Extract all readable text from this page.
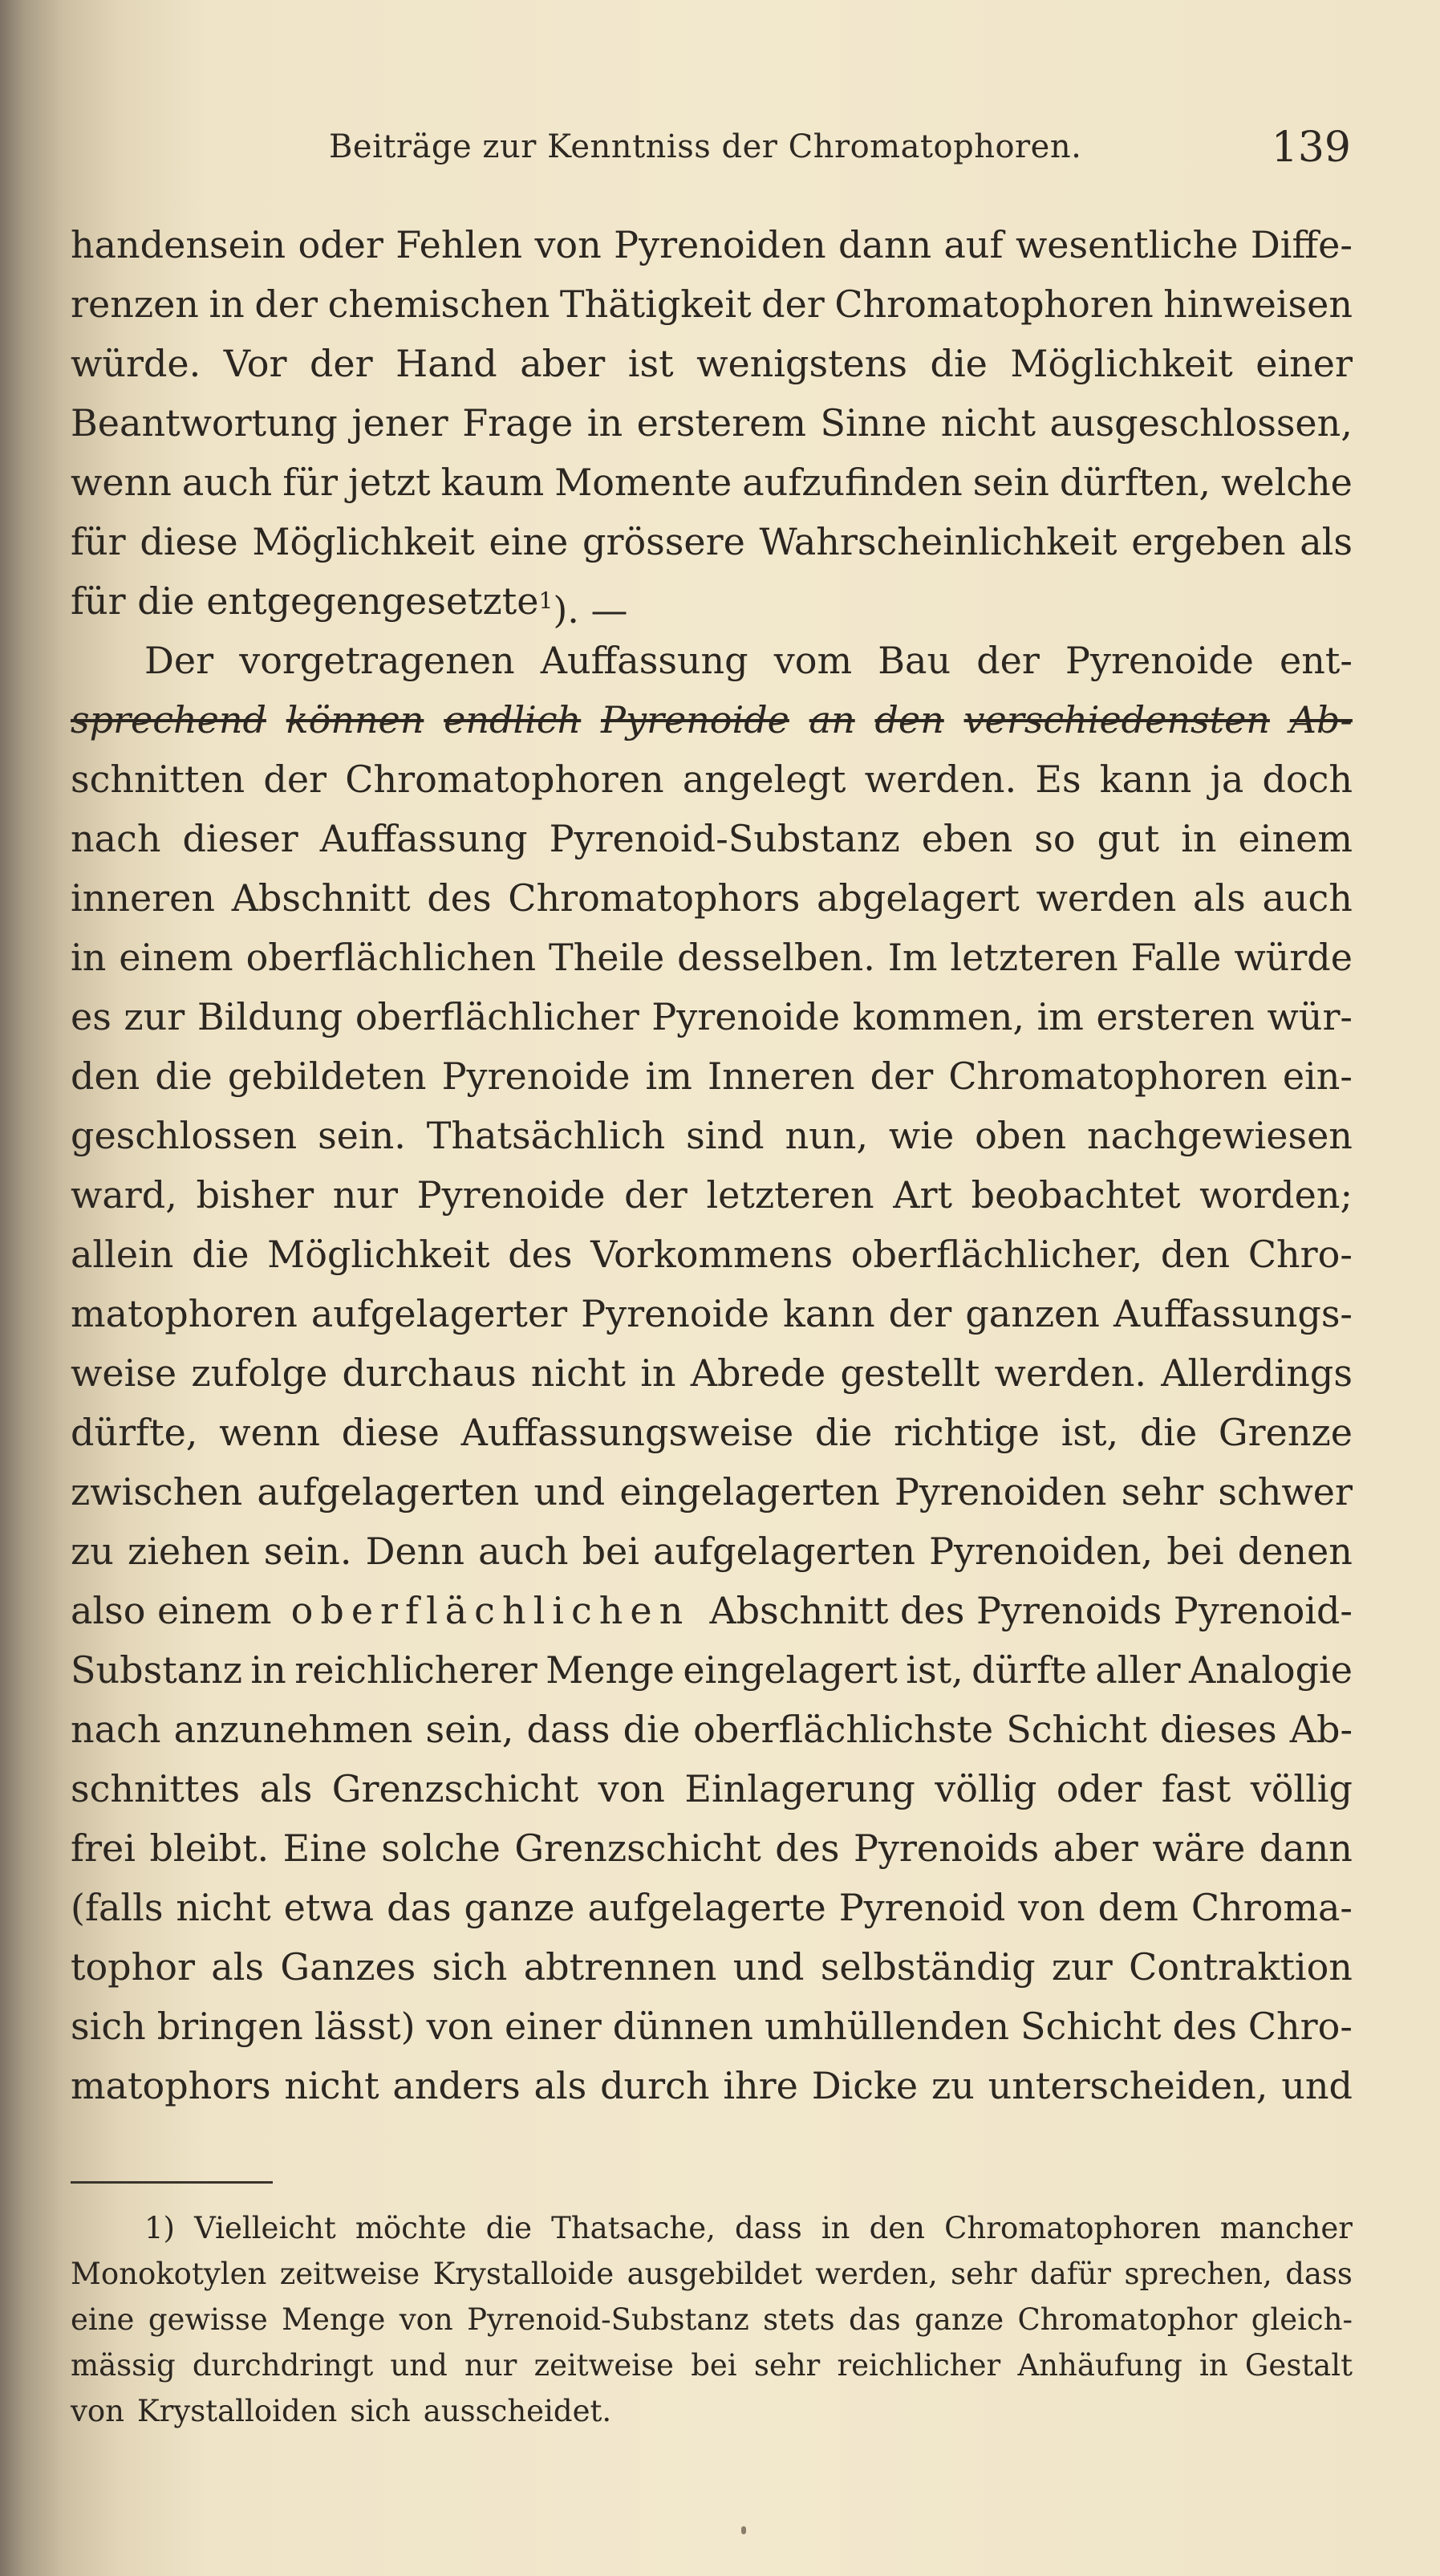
Beiträge zur Kenntniss der Chromatophoren.	139
handensein oder Fehlen von Pyrenoiden dann auf wesentliche Diffe-
renzen in der chemischen Thätigkeit der Chromatophoren hinweisen
würde. Vor der Hand aber ist wenigstens die Möglichkeit einer
Beantwortung jener Frage in ersterem Sinne nicht ausgeschlossen,
wenn auch für jetzt kaum Momente aufzufinden sein dürften, welche
für diese Möglichkeit eine grössere Wahrscheinlichkeit ergeben als
für die entgegengesetzte $^1$). —
Der vorgetragenen Auffassung vom Bau der Pyrenoide ent-
sprechend können endlich Pyrenoide an den verschiedensten Ab-
schnitten der Chromatophoren angelegt werden. Es kann ja doch
nach dieser Auffassung Pyrenoid-Substanz eben so gut in einem
inneren Abschnitt des Chromatophors abgelagert werden als auch
in einem oberflächlichen Theile desselben. Im letzteren Falle würde
es zur Bildung oberflächlicher Pyrenoide kommen, im ersteren wür-
den die gebildeten Pyrenoide im Inneren der Chromatophoren ein-
geschlossen sein. Thatsächlich sind nun, wie oben nachgewiesen
ward, bisher nur Pyrenoide der letzteren Art beobachtet worden;
allein die Möglichkeit des Vorkommens oberflächlicher, den Chro-
matophoren aufgelagerter Pyrenoide kann der ganzen Auffassungs-
weise zufolge durchaus nicht in Abrede gestellt werden. Allerdings
dürfte, wenn diese Auffassungsweise die richtige ist, die Grenze
zwischen aufgelagerten und eingelagerten Pyrenoiden sehr schwer
zu ziehen sein. Denn auch bei aufgelagerten Pyrenoiden, bei denen
also einem oberflächlichen Abschnitt des Pyrenoids Pyrenoid-
Substanz in reichlicherer Menge eingelagert ist, dürfte aller Analogie
nach anzunehmen sein, dass die oberflächlichste Schicht dieses Ab-
schnittes als Grenzschicht von Einlagerung völlig oder fast völlig
frei bleibt. Eine solche Grenzschicht des Pyrenoids aber wäre dann
(falls nicht etwa das ganze aufgelagerte Pyrenoid von dem Chroma-
tophor als Ganzes sich abtrennen und selbständig zur Contraktion
sich bringen lässt) von einer dünnen umhüllenden Schicht des Chro-
matophors nicht anders als durch ihre Dicke zu unterscheiden, und
1) Vielleicht möchte die Thatsache, dass in den Chromatophoren mancher
Monokotylen zeitweise Krystalloide ausgebildet werden, sehr dafür sprechen, dass
eine gewisse Menge von Pyrenoid-Substanz stets das ganze Chromatophor gleich-
mässig durchdringt und nur zeitweise bei sehr reichlicher Anhäufung in Gestalt
von Krystalloiden sich ausscheidet.
